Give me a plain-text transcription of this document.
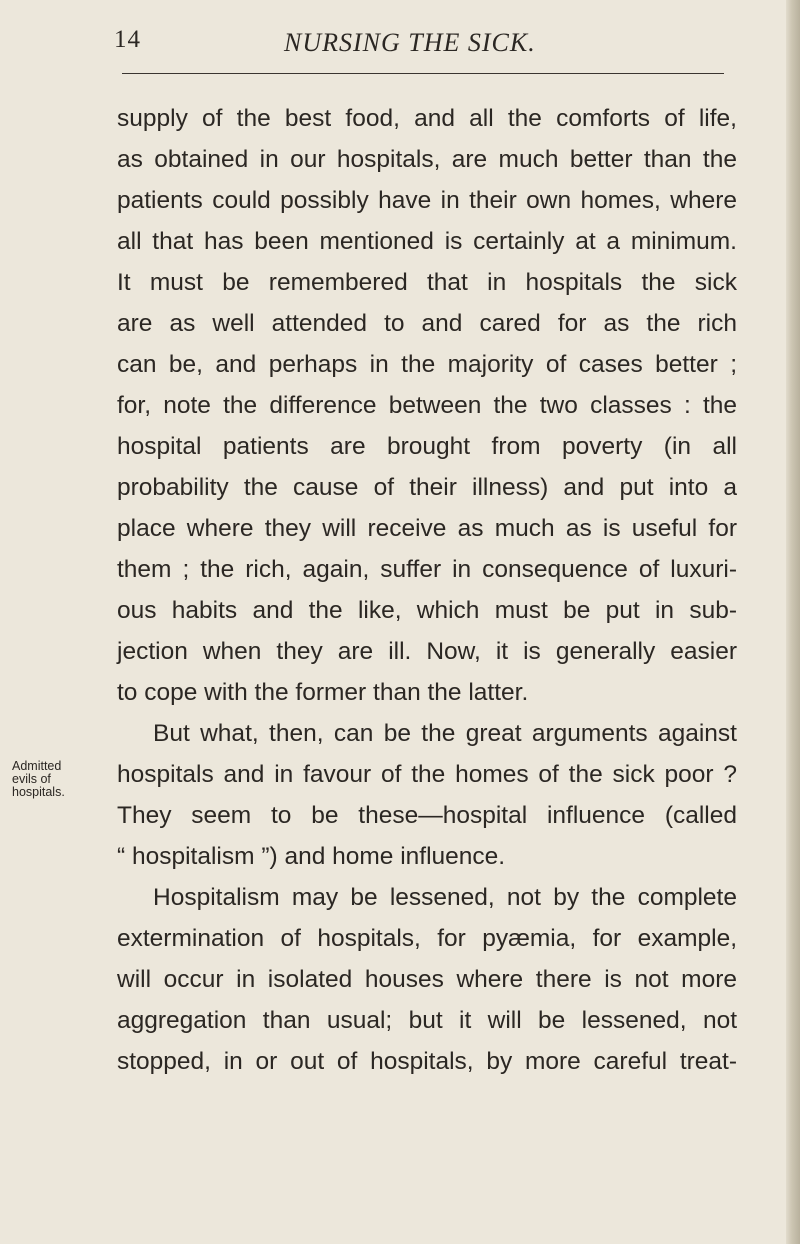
14	NURSING THE SICK.
Admitted
evils of
hospitals.
supply of the best food, and all the comforts of life,
as obtained in our hospitals, are much better than the
patients could possibly have in their own homes, where
all that has been mentioned is certainly at a minimum.
It must be remembered that in hospitals the sick
are as well attended to and cared for as the rich
can be, and perhaps in the majority of cases better ;
for, note the difference between the two classes : the
hospital patients are brought from poverty (in all
probability the cause of their illness) and put into a
place where they will receive as much as is useful for
them ; the rich, again, suffer in consequence of luxuri-
ous habits and the like, which must be put in sub-
jection when they are ill. Now, it is generally easier
to cope with the former than the latter.
But what, then, can be the great arguments against
hospitals and in favour of the homes of the sick poor ?
They seem to be these—hospital influence (called
“ hospitalism ”) and home influence.
Hospitalism may be lessened, not by the complete
extermination of hospitals, for pyæmia, for example,
will occur in isolated houses where there is not more
aggregation than usual; but it will be lessened, not
stopped, in or out of hospitals, by more careful treat-
